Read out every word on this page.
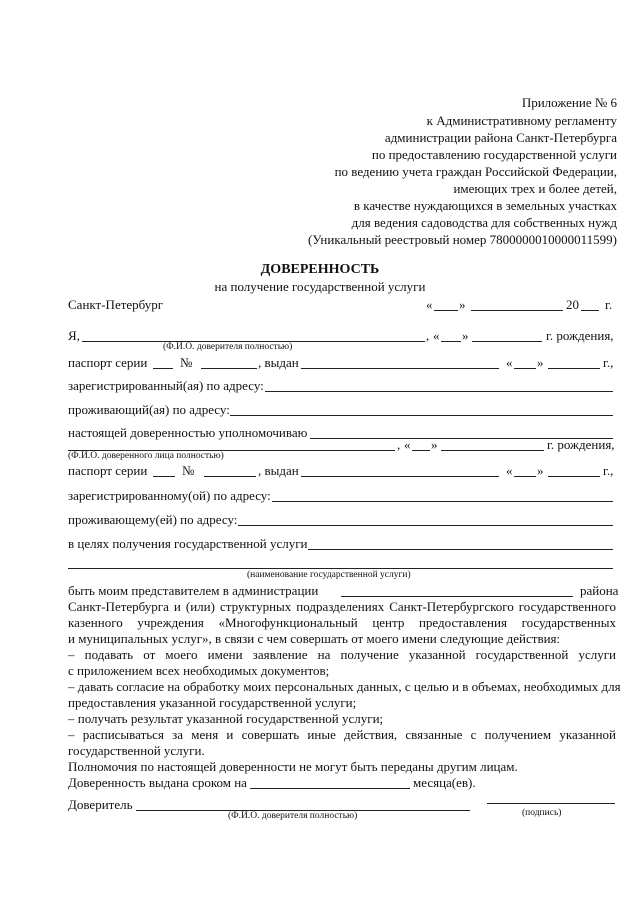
Приложение № 6
к Административному регламенту
администрации района Санкт-Петербурга
по предоставлению государственной услуги
по ведению учета граждан Российской Федерации,
имеющих трех и более детей,
в качестве нуждающихся в земельных участках
для ведения садоводства для собственных нужд
(Уникальный реестровый номер 7800000010000011599)
ДОВЕРЕННОСТЬ
на получение государственной услуги
Санкт-Петербург	« »	20 г.
Я,	, « »	г. рождения,
(Ф.И.О. доверителя полностью)
паспорт серии	№	, выдан	« »	г.,
зарегистрированный(ая) по адресу:
проживающий(ая) по адресу:
настоящей доверенностью уполномочиваю
, « »	г. рождения,
(Ф.И.О. доверенного лица полностью)
паспорт серии	№	, выдан	« »	г.,
зарегистрированному(ой) по адресу:
проживающему(ей) по адресу:
в целях получения государственной услуги
(наименование государственной услуги)
быть моим представителем в администрации	района
Санкт-Петербурга и (или) структурных подразделениях Санкт-Петербургского государственного
казенного учреждения «Многофункциональный центр предоставления государственных
и муниципальных услуг», в связи с чем совершать от моего имени следующие действия:
– подавать от моего имени заявление на получение указанной государственной услуги
с приложением всех необходимых документов;
– давать согласие на обработку моих персональных данных, с целью и в объемах, необходимых для
предоставления указанной государственной услуги;
– получать результат указанной государственной услуги;
– расписываться за меня и совершать иные действия, связанные с получением указанной
государственной услуги.
Полномочия по настоящей доверенности не могут быть переданы другим лицам.
Доверенность выдана сроком на	месяца(ев).
Доверитель
(Ф.И.О. доверителя полностью)	(подпись)
